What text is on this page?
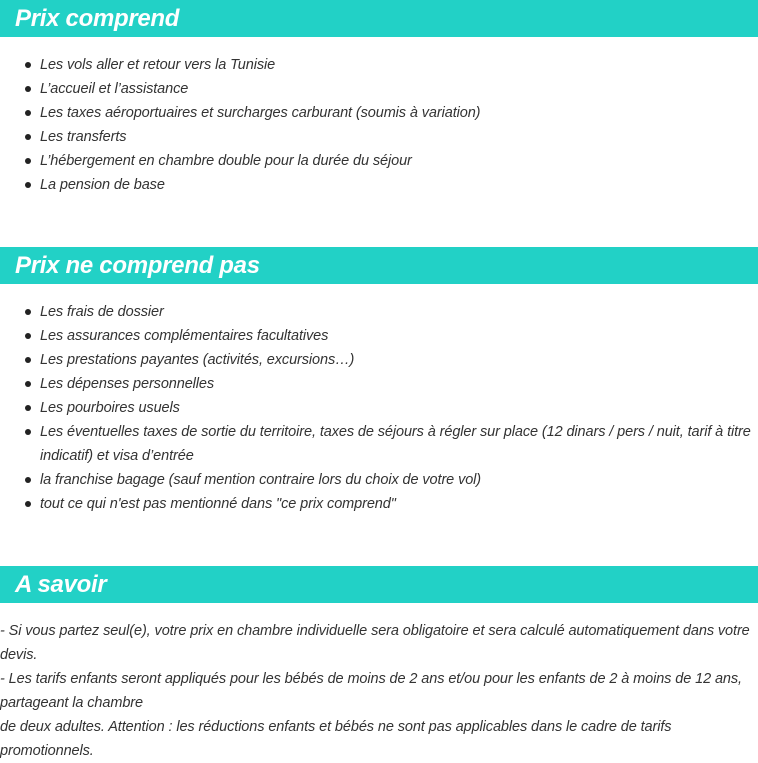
Prix comprend
Les vols aller et retour vers la Tunisie
L’accueil et l’assistance
Les taxes aéroportuaires et surcharges carburant (soumis à variation)
Les transferts
L’hébergement en chambre double pour la durée du séjour
La pension de base
Prix ne comprend pas
Les frais de dossier
Les assurances complémentaires facultatives
Les prestations payantes (activités, excursions…)
Les dépenses personnelles
Les pourboires usuels
Les éventuelles taxes de sortie du territoire, taxes de séjours à régler sur place (12 dinars / pers / nuit, tarif à titre indicatif) et visa d’entrée
la franchise bagage (sauf mention contraire lors du choix de votre vol)
tout ce qui n'est pas mentionné dans "ce prix comprend"
A savoir

- Si vous partez seul(e), votre prix en chambre individuelle sera obligatoire et sera calculé automatiquement dans votre devis.

- Les tarifs enfants seront appliqués pour les bébés de moins de 2 ans et/ou pour les enfants de 2 à moins de 12 ans, partageant la chambre

de deux adultes. Attention : les réductions enfants et bébés ne sont pas applicables dans le cadre de tarifs promotionnels.
